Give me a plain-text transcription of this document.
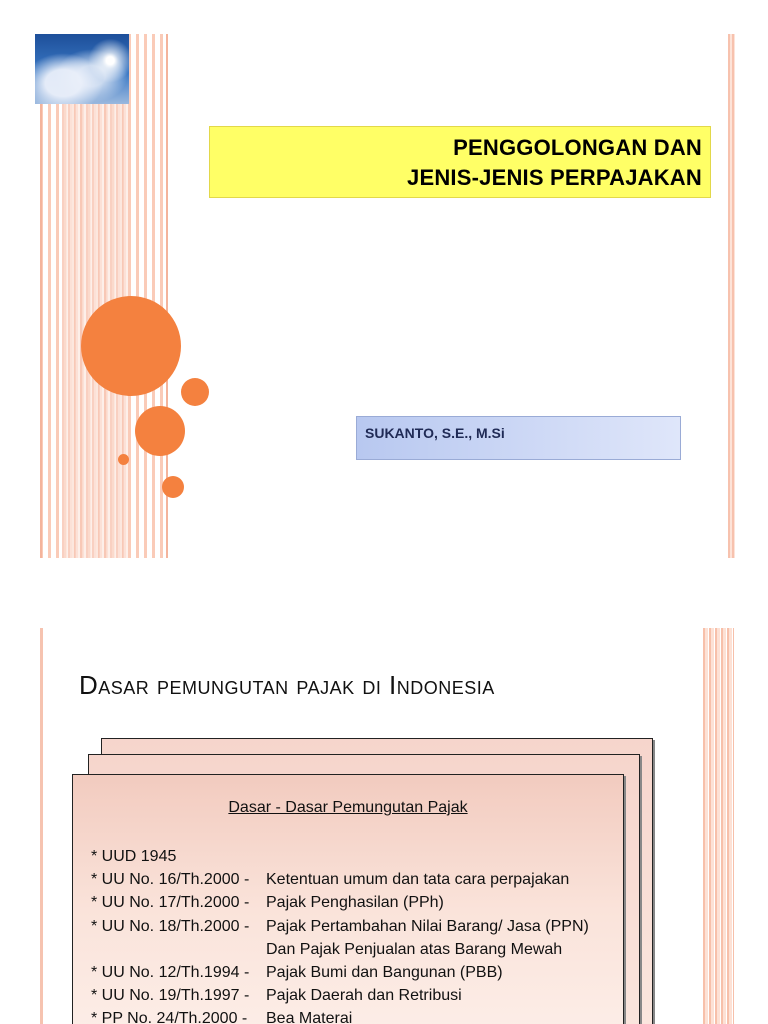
PENGGOLONGAN DAN
JENIS-JENIS PERPAJAKAN
SUKANTO, S.E., M.Si
Dasar pemungutan pajak di Indonesia
Dasar - Dasar Pemungutan Pajak
* UUD 1945
* UU No. 16/Th.2000 -	Ketentuan umum dan tata cara perpajakan
* UU No. 17/Th.2000 -	Pajak Penghasilan (PPh)
* UU No. 18/Th.2000 -	Pajak Pertambahan Nilai Barang/ Jasa (PPN)
Dan Pajak Penjualan atas Barang Mewah
* UU No. 12/Th.1994 -	Pajak Bumi dan Bangunan (PBB)
* UU No. 19/Th.1997 -	Pajak Daerah dan Retribusi
* PP No. 24/Th.2000 -	Bea Materai
